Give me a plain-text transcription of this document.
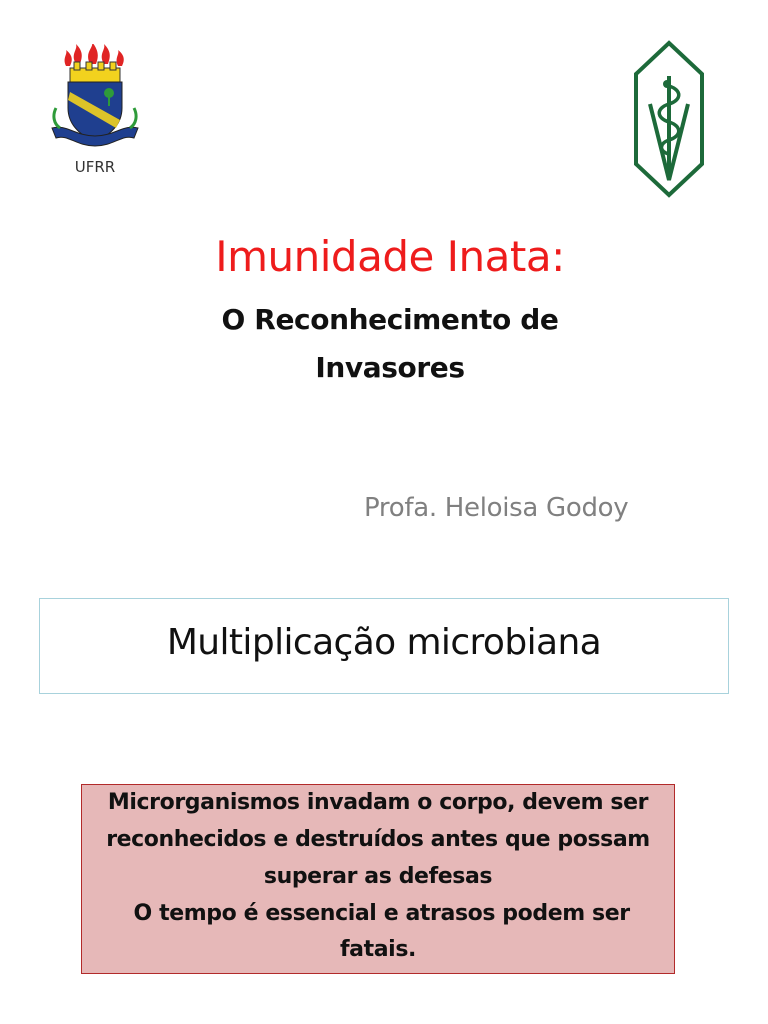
UFRR
Imunidade Inata:
O Reconhecimento de
Invasores
Profa. Heloisa Godoy
Multiplicação microbiana
Microrganismos invadam o corpo, devem ser
reconhecidos e destruídos antes que possam
superar as defesas
O tempo é essencial e atrasos podem ser
fatais.
